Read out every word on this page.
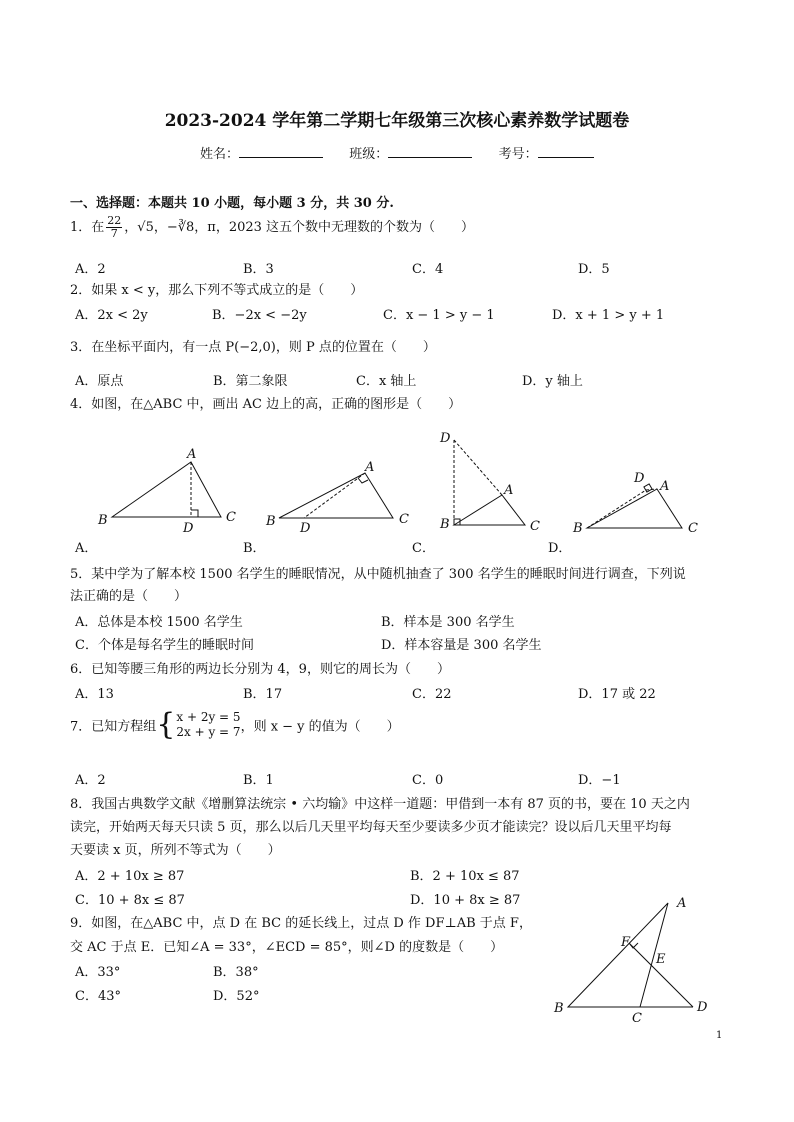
2023-2024 学年第二学期七年级第三次核心素养数学试题卷
姓名：	班级：	考号：
一、选择题：本题共 10 小题，每小题 3 分，共 30 分.
1．在 $\frac{22}{7}$ ，√5，−∛8，π，2023 这五个数中无理数的个数为（　　）
A．2	B．3	C．4	D．5
2．如果 x < y，那么下列不等式成立的是（　　）
A．2x < 2y	B．−2x < −2y	C．x − 1 > y − 1	D．x + 1 > y + 1
3．在坐标平面内，有一点 P(−2,0)，则 P 点的位置在（　　）
A．原点	B．第二象限	C．x 轴上	D．y 轴上
4．如图，在△ABC 中，画出 AC 边上的高，正确的图形是（　　）
A
B	C
D
A
B	C
D
D
A
B	C
D
A
B	C
A．	B．	C．	D．
5．某中学为了解本校 1500 名学生的睡眠情况，从中随机抽查了 300 名学生的睡眠时间进行调查，下列说
法正确的是（　　）
A．总体是本校 1500 名学生	B．样本是 300 名学生
C．个体是每名学生的睡眠时间	D．样本容量是 300 名学生
6．已知等腰三角形的两边长分别为 4，9，则它的周长为（　　）
A．13	B．17	C．22	D．17 或 22
7．已知方程组{ x + 2y = 5
2x + y = 7 ，则 x − y 的值为（　　）
A．2	B．1	C．0	D．−1
8．我国古典数学文献《增删算法统宗 • 六均输》中这样一道题：甲借到一本有 87 页的书，要在 10 天之内
读完，开始两天每天只读 5 页，那么以后几天里平均每天至少要读多少页才能读完？设以后几天里平均每
天要读 x 页，所列不等式为（　　）
A．2 + 10x ≥ 87	B．2 + 10x ≤ 87
C．10 + 8x ≤ 87	D．10 + 8x ≥ 87
9．如图，在△ABC 中，点 D 在 BC 的延长线上，过点 D 作 DF⊥AB 于点 F，
交 AC 于点 E．已知∠A = 33°，∠ECD = 85°，则∠D 的度数是（　　）
A．33°	B．38°
C．43°	D．52°
A
B
C
D
E
F
1
